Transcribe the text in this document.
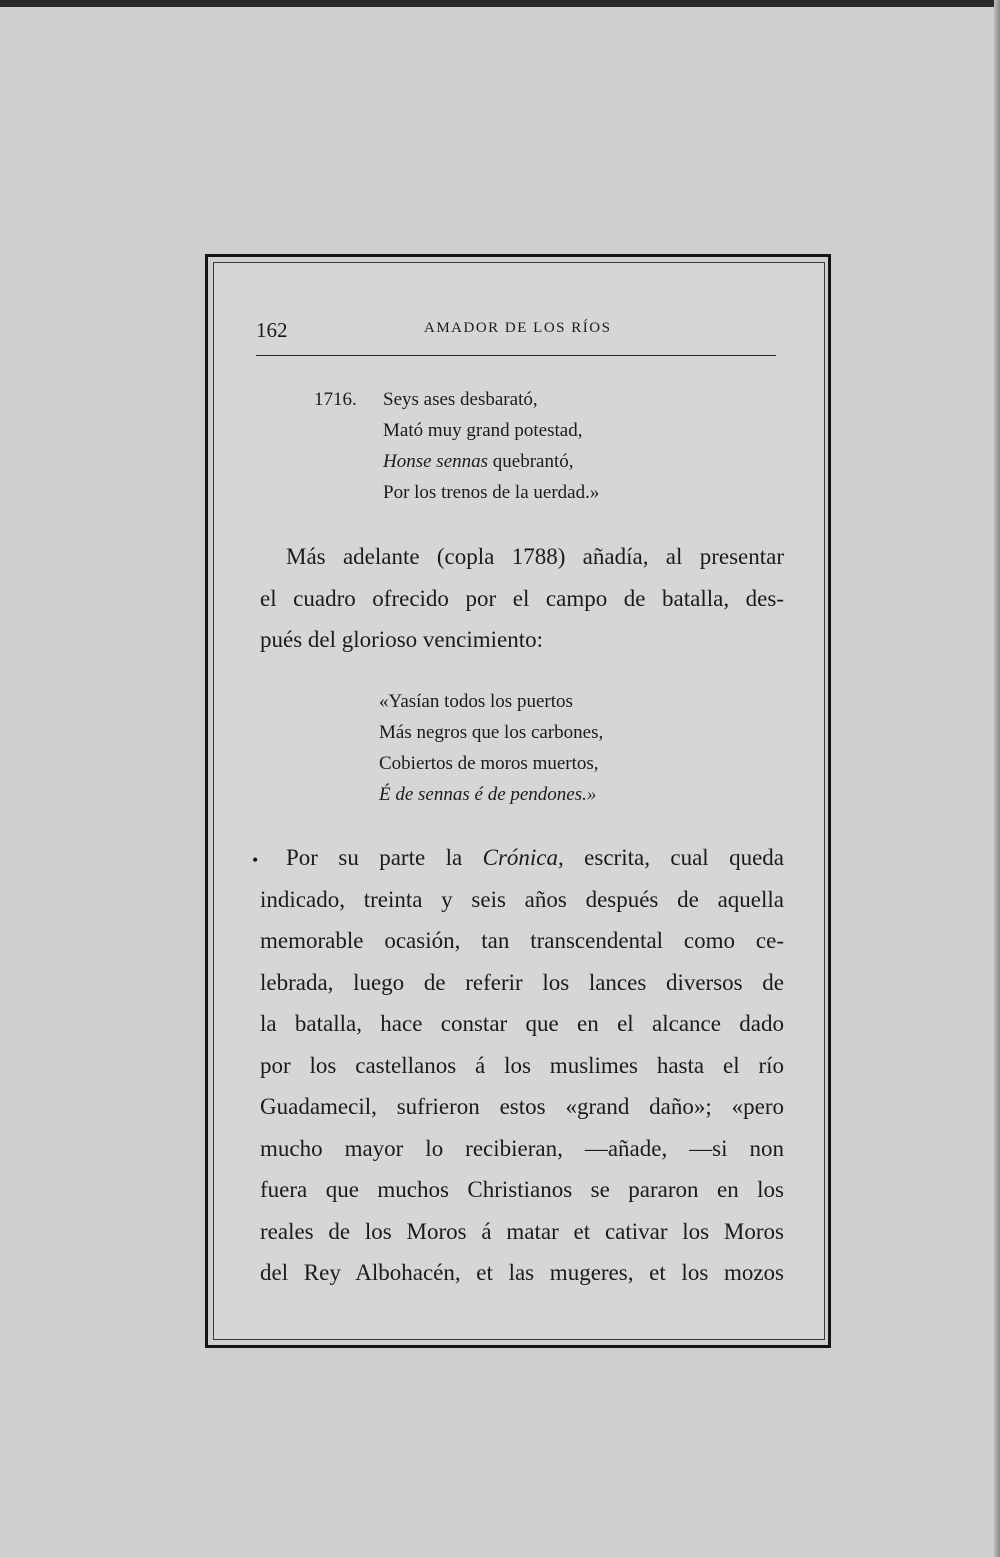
162	AMADOR DE LOS RÍOS
1716. Seys ases desbarató,
Mató muy grand potestad,
Honse sennas quebrantó,
Por los trenos de la uerdad.»
Más adelante (copla 1788) añadía, al presentar
el cuadro ofrecido por el campo de batalla, des-
pués del glorioso vencimiento:
«Yasían todos los puertos
Más negros que los carbones,
Cobiertos de moros muertos,
É de sennas é de pendones.»
•	Por su parte la Crónica, escrita, cual queda
indicado, treinta y seis años después de aquella
memorable ocasión, tan transcendental como ce-
lebrada, luego de referir los lances diversos de
la batalla, hace constar que en el alcance dado
por los castellanos á los muslimes hasta el río
Guadamecil, sufrieron estos «grand daño»; «pero
mucho mayor lo recibieran, —añade, —si non
fuera que muchos Christianos se pararon en los
reales de los Moros á matar et cativar los Moros
del Rey Albohacén, et las mugeres, et los mozos
